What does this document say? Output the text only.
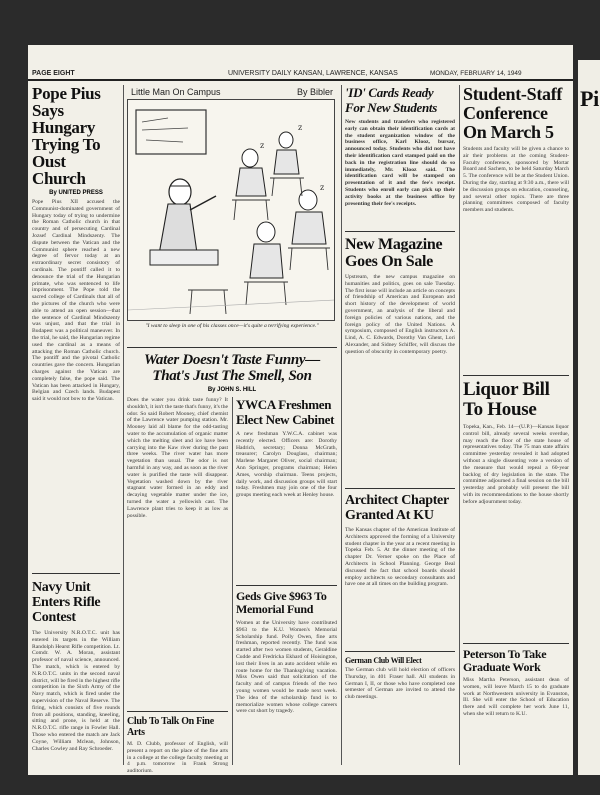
PAGE EIGHT	UNIVERSITY DAILY KANSAN, LAWRENCE, KANSAS	MONDAY, FEBRUARY 14, 1949
Pope Pius Says Hungary Trying To Oust Church
By UNITED PRESS
Pope Pius XII accused the Communist-dominated government of Hungary today of trying to undermine the Roman Catholic church in that country and of persecuting Cardinal Jozsef Cardinal Mindszenty. The dispute between the Vatican and the Communist sphere reached a new degree of fervor today at an extraordinary secret consistory of cardinals. The pontiff called it to denounce the trial of the Hungarian primate, who was sentenced to life imprisonment. The Pope told the sacred college of Cardinals that all of the pictures of the church who were able to attend an open session—that the sentence of Cardinal Mindszenty was unjust, and that the trial in Budapest was a political maneuver. In the trial, he said, the Hungarian regime used the cardinal as a means of attacking the Roman Catholic church. The pontiff and the pivotal Catholic countries gave the concern. Hungarian charges against the Vatican are completely false, the pope said. The Vatican has been attacked in Hungary, Belgian and Czech lands. Budapest said it would not bow to the Vatican.
Navy Unit Enters Rifle Contest
The University N.R.O.T.C. unit has entered its targets in the William Randolph Hearst Rifle competition. Lt. Comdr. W. A. Moran, assistant professor of naval science, announced. The match, which is entered by N.R.O.T.C. units in the second naval district, will be fired in the highest rifle competition in the Sixth Army of the Navy match, which is fired under the supervision of the Naval Reserve. The firing, which consists of five rounds from all positions, standing, kneeling, sitting and prone, is held at the N.R.O.T.C. rifle range in Fowler Hall. Those who entered the match are Jack Coyne, William Mclean, Johnson, Charles Cowley and Ray Schroeder.
Little Man On Campus	By Bibler
z
z
z
"I want to sleep in one of his classes once—it's quite a terrifying experience."
Water Doesn't Taste Funny—That's Just The Smell, Son
By JOHN S. HILL
Does the water you drink taste funny? It shouldn't, it isn't the taste that's funny, it's the odor. So said Robert Mooney, chief chemist of the Lawrence water pumping station. Mr. Mooney laid all blame for the odd-tasting water to the accumulation of organic matter which the melting sleet and ice have been carrying into the Kaw river during the past three weeks. The river water has more vegetation than usual. The odor is not harmful in any way, and as soon as the river water is purified the taste will disappear. Vegetation washed down by the river stagnant water formed in an eddy and decaying vegetable matter under the ice, turned the water a yellowish cast. The Lawrence plant tries to keep it as low as possible.
Club To Talk On Fine Arts
M. D. Clubb, professor of English, will present a report on the place of the fine arts in a college at the college faculty meeting at 4 p.m. tomorrow in Frank Strong auditorium.
YWCA Freshmen Elect New Cabinet
A new freshman Y.W.C.A. cabinet was recently elected. Officers are: Dorothy Hadrich, secretary; Donna McGrath, treasurer; Carolyn Douglass, chairman; Marlene Margaret Oliver, social chairman; Ann Springer, programs chairman; Helen Ames, worship chairman. Teens projects, daily work, and discussion groups will start today. Freshmen may join one of the four groups meeting each week at Henley house.
Geds Give $963 To Memorial Fund
Women at the University have contributed $963 to the K.U. Women's Memorial Scholarship fund. Polly Owen, fine arts freshman, reported recently. The fund was started after two women students, Geraldine Cudde and Fredricka Ekhard of Hoisington, lost their lives in an auto accident while en route home for the Thanksgiving vacation. Miss Owen said that solicitation of the faculty and of campus friends of the two young women would be made next week. The idea of the scholarship fund is to memorialize women whose college careers were cut short by tragedy.
'ID' Cards Ready For New Students
New students and transfers who registered early can obtain their identification cards at the student organization window of the business office, Karl Klooz, bursar, announced today. Students who did not have their identification card stamped paid on the back in the registration line should do so immediately, Mr. Klooz said. The identification card will be stamped on presentation of it and the fee's receipt. Students who enroll early can pick up their activity books at the business office by presenting their fee's receipts.
New Magazine Goes On Sale
Upstream, the new campus magazine on humanities and politics, goes on sale Tuesday. The first issue will include an article on concepts of friendship of American and European and short history of the development of world government, an analysis of the liberal and foreign policies of various nations, and the foreign policy of the United Nations. A symposium, composed of English instructors A. Lind, A. C. Edwards, Dorothy Van Ghent, Lori Alexander, and Sidney Schiffer, will discuss the question of obscurity in contemporary poetry.
Architect Chapter Granted At KU
The Kansas chapter of the American Institute of Architects approved the forming of a University student chapter in the year at a recent meeting in Topeka Feb. 5. At the dinner meeting of the chapter Dr. Verner spoke on the Place of Architects in School Planning. George Beal discussed the fact that school boards should employ architects so secondary consultants and have one at all times on the building program.
German Club Will Elect
The German club will hold election of officers Thursday, in 401 Fraser hall. All students in German I, II, or those who have completed one semester of German are invited to attend the club meetings.
Student-Staff Conference On March 5
Students and faculty will be given a chance to air their problems at the coming Student-Faculty conference, sponsored by Mortar Board and Sachem, to be held Saturday March 5. The conference will be at the Student Union. During the day, starting at 9:30 a.m., there will be discussion groups on education, counseling, and several other topics. There are three planning committees composed of faculty members and students.
Liquor Bill To House
Topeka, Kan., Feb. 14—(U.P.)—Kansas liquor control bill, already several weeks overdue, may reach the floor of the state house of representatives today. The 75 man state affairs committee yesterday revealed it had adopted without a single dissenting vote a version of the measure that would repeal a 60-year backlog of dry legislation in the state. The committee adjourned a final session on the bill yesterday and probably will present the bill with its recommendations to the house shortly before adjournment today.
Peterson To Take Graduate Work
Miss Martha Peterson, assistant dean of women, will leave March 15 to do graduate work at Northwestern university in Evanston, Ill. She will enter the School of Education there and will complete her work June 11, when she will return to K.U.
Pi
